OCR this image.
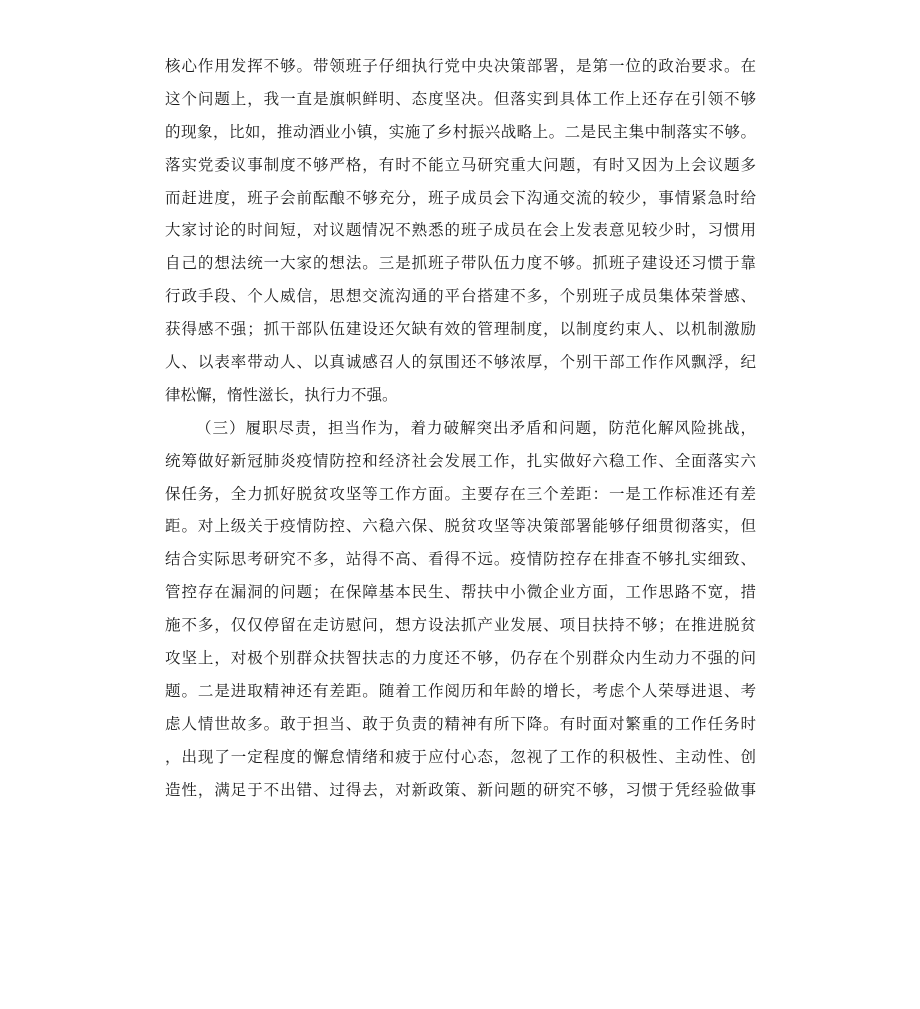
核心作用发挥不够。带领班子仔细执行党中央决策部署，是第一位的政治要求。在
这个问题上，我一直是旗帜鲜明、态度坚决。但落实到具体工作上还存在引领不够
的现象，比如，推动酒业小镇，实施了乡村振兴战略上。二是民主集中制落实不够。
落实党委议事制度不够严格，有时不能立马研究重大问题，有时又因为上会议题多
而赶进度，班子会前酝酿不够充分，班子成员会下沟通交流的较少，事情紧急时给
大家讨论的时间短，对议题情况不熟悉的班子成员在会上发表意见较少时，习惯用
自己的想法统一大家的想法。三是抓班子带队伍力度不够。抓班子建设还习惯于靠
行政手段、个人威信，思想交流沟通的平台搭建不多，个别班子成员集体荣誉感、
获得感不强；抓干部队伍建设还欠缺有效的管理制度，以制度约束人、以机制激励
人、以表率带动人、以真诚感召人的氛围还不够浓厚，个别干部工作作风飘浮，纪
律松懈，惰性滋长，执行力不强。
（三）履职尽责，担当作为，着力破解突出矛盾和问题，防范化解风险挑战，
统筹做好新冠肺炎疫情防控和经济社会发展工作，扎实做好六稳工作、全面落实六
保任务，全力抓好脱贫攻坚等工作方面。主要存在三个差距：一是工作标准还有差
距。对上级关于疫情防控、六稳六保、脱贫攻坚等决策部署能够仔细贯彻落实，但
结合实际思考研究不多，站得不高、看得不远。疫情防控存在排查不够扎实细致、
管控存在漏洞的问题；在保障基本民生、帮扶中小微企业方面，工作思路不宽，措
施不多，仅仅停留在走访慰问，想方设法抓产业发展、项目扶持不够；在推进脱贫
攻坚上，对极个别群众扶智扶志的力度还不够，仍存在个别群众内生动力不强的问
题。二是进取精神还有差距。随着工作阅历和年龄的增长，考虑个人荣辱进退、考
虑人情世故多。敢于担当、敢于负责的精神有所下降。有时面对繁重的工作任务时
，出现了一定程度的懈怠情绪和疲于应付心态，忽视了工作的积极性、主动性、创
造性，满足于不出错、过得去，对新政策、新问题的研究不够，习惯于凭经验做事
